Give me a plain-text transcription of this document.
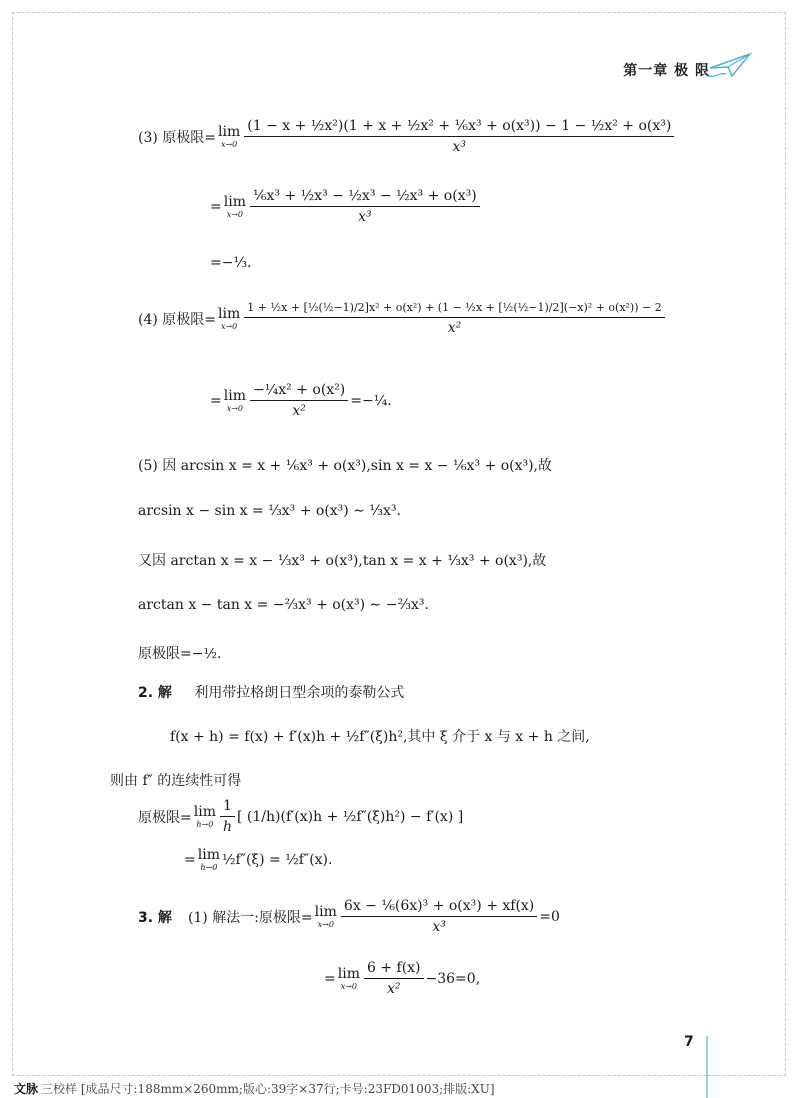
第一章 极 限
(3) 原极限= lim
$x\to 0 \frac{\text{(1 − x + ½x²)(1 + x + ½x² + ⅙x³ + o(x³)) − 1 − ½x² + o(x³)}}{\text{x³}}$
= lim
$x\to 0 \frac{\text{⅙x³ + ½x³ − ½x³ − ½x³ + o(x³)}}{\text{x³}}$
=−⅓.
(4) 原极限= lim
x→0
1 + ½x + [½(½−1)/2]x² + o(x²) + (1 − ½x + [½(½−1)/2](−x)² + o(x²)) − 2
x²
= lim
$x\to 0 \frac{\text{−¼x² + o(x²)}}{\text{x²}}$ =−¼.
(5) 因 arcsin x = x + ⅙x³ + o(x³),sin x = x − ⅙x³ + o(x³),故
arcsin x − sin x = ⅓x³ + o(x³) ∼ ⅓x³.
又因 arctan x = x − ⅓x³ + o(x³),tan x = x + ⅓x³ + o(x³),故
arctan x − tan x = −⅔x³ + o(x³) ∼ −⅔x³.
原极限=−½.
2. 解 利用带拉格朗日型余项的泰勒公式
f(x + h) = f(x) + f′(x)h + ½f″(ξ)h²,其中 ξ 介于 x 与 x + h 之间,
则由 f″ 的连续性可得
原极限= lim
$h\to 0 \frac{1}{h}$ [ (1/h)(f′(x)h + ½f″(ξ)h²) − f′(x) ]
= lim
h→0 ½f″(ξ) = ½f″(x).
3. 解 (1) 解法一:原极限= lim
$x\to 0 \frac{\text{6x − ⅙(6x)³ + o(x³) + xf(x)}}{\text{x³}} =0$
= lim
$x\to 0 \frac{6 + f(x)}{\text{x²}} -36=0$,
7
文脉 三校样 [成品尺寸:188mm×260mm;版心:39字×37行;卡号:23FD01003;排版:XU]
